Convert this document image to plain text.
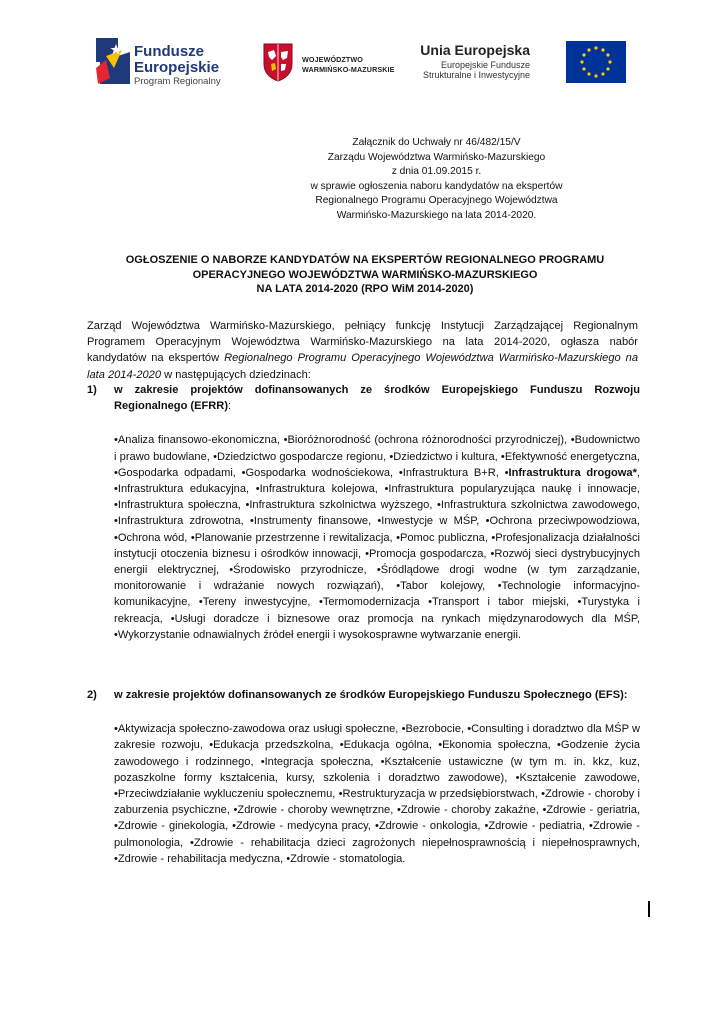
Fundusze
Europejskie
Program Regionalny
WOJEWÓDZTWO
WARMIŃSKO-MAZURSKIE
Unia Europejska
Europejskie Fundusze
Strukturalne i Inwestycyjne
Załącznik do Uchwały nr 46/482/15/V
Zarządu Województwa Warmińsko-Mazurskiego
z dnia 01.09.2015 r.
w sprawie ogłoszenia naboru kandydatów na ekspertów
Regionalnego Programu Operacyjnego Województwa
Warmińsko-Mazurskiego na lata 2014-2020.
OGŁOSZENIE O NABORZE KANDYDATÓW NA EKSPERTÓW REGIONALNEGO PROGRAMU
OPERACYJNEGO WOJEWÓDZTWA WARMIŃSKO-MAZURSKIEGO
NA LATA 2014-2020 (RPO WiM 2014-2020)
Zarząd Województwa Warmińsko-Mazurskiego, pełniący funkcję Instytucji Zarządzającej Regionalnym Programem Operacyjnym Województwa Warmińsko-Mazurskiego na lata 2014-2020, ogłasza nabór kandydatów na ekspertów Regionalnego Programu Operacyjnego Województwa Warmińsko-Mazurskiego na lata 2014-2020 w następujących dziedzinach:
1) w zakresie projektów dofinansowanych ze środków Europejskiego Funduszu Rozwoju Regionalnego (EFRR):
•Analiza finansowo-ekonomiczna, •Bioróżnorodność (ochrona różnorodności przyrodniczej), •Budownictwo i prawo budowlane, •Dziedzictwo gospodarcze regionu, •Dziedzictwo i kultura, •Efektywność energetyczna, •Gospodarka odpadami, •Gospodarka wodnościekowa, •Infrastruktura B+R, •Infrastruktura drogowa*, •Infrastruktura edukacyjna, •Infrastruktura kolejowa, •Infrastruktura popularyzująca naukę i innowacje, •Infrastruktura społeczna, •Infrastruktura szkolnictwa wyższego, •Infrastruktura szkolnictwa zawodowego, •Infrastruktura zdrowotna, •Instrumenty finansowe, •Inwestycje w MŚP, •Ochrona przeciwpowodziowa, •Ochrona wód, •Planowanie przestrzenne i rewitalizacja, •Pomoc publiczna, •Profesjonalizacja działalności instytucji otoczenia biznesu i ośrodków innowacji, •Promocja gospodarcza, •Rozwój sieci dystrybucyjnych energii elektrycznej, •Środowisko przyrodnicze, •Śródlądowe drogi wodne (w tym zarządzanie, monitorowanie i wdrażanie nowych rozwiązań), •Tabor kolejowy, •Technologie informacyjno-komunikacyjne, •Tereny inwestycyjne, •Termomodernizacja •Transport i tabor miejski, •Turystyka i rekreacja, •Usługi doradcze i biznesowe oraz promocja na rynkach międzynarodowych dla MŚP, •Wykorzystanie odnawialnych źródeł energii i wysokosprawne wytwarzanie energii.
2) w zakresie projektów dofinansowanych ze środków Europejskiego Funduszu Społecznego (EFS):
•Aktywizacja społeczno-zawodowa oraz usługi społeczne, •Bezrobocie, •Consulting i doradztwo dla MŚP w zakresie rozwoju, •Edukacja przedszkolna, •Edukacja ogólna, •Ekonomia społeczna, •Godzenie życia zawodowego i rodzinnego, •Integracja społeczna, •Kształcenie ustawiczne (w tym m. in. kkz, kuz, pozaszkolne formy kształcenia, kursy, szkolenia i doradztwo zawodowe), •Kształcenie zawodowe, •Przeciwdziałanie wykluczeniu społecznemu, •Restrukturyzacja w przedsiębiorstwach, •Zdrowie - choroby i zaburzenia psychiczne, •Zdrowie - choroby wewnętrzne, •Zdrowie - choroby zakaźne, •Zdrowie - geriatria, •Zdrowie - ginekologia, •Zdrowie - medycyna pracy, •Zdrowie - onkologia, •Zdrowie - pediatria, •Zdrowie - pulmonologia, •Zdrowie - rehabilitacja dzieci zagrożonych niepełnosprawnością i niepełnosprawnych, •Zdrowie - rehabilitacja medyczna, •Zdrowie - stomatologia.
